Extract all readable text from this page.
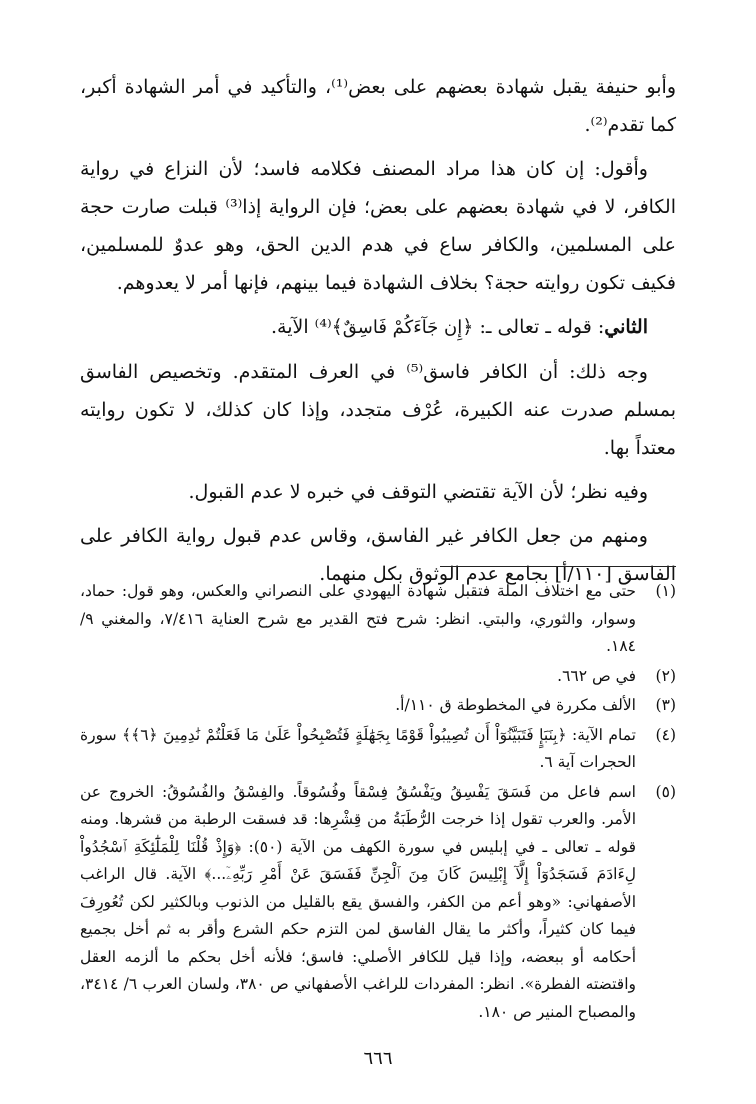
وأبو حنيفة يقبل شهادة بعضهم على بعض⁽¹⁾، والتأكيد في أمر الشهادة أكبر، كما تقدم⁽²⁾.

وأقول: إن كان هذا مراد المصنف فكلامه فاسد؛ لأن النزاع في رواية الكافر، لا في شهادة بعضهم على بعض؛ فإن الرواية إذا⁽³⁾ قبلت صارت حجة على المسلمين، والكافر ساع في هدم الدين الحق، وهو عدوٌ للمسلمين، فكيف تكون روايته حجة؟ بخلاف الشهادة فيما بينهم، فإنها أمر لا يعدوهم.

الثاني: قوله ـ تعالى ـ: ﴿إِن جَآءَكُمْ فَاسِقٌ﴾⁽⁴⁾ الآية.

وجه ذلك: أن الكافر فاسق⁽⁵⁾ في العرف المتقدم. وتخصيص الفاسق بمسلم صدرت عنه الكبيرة، عُرْف متجدد، وإذا كان كذلك، لا تكون روايته معتداً بها.

وفيه نظر؛ لأن الآية تقتضي التوقف في خبره لا عدم القبول.

ومنهم من جعل الكافر غير الفاسق، وقاس عدم قبول رواية الكافر على الفاسق [١١٠/أ] بجامع عدم الوثوق بكل منهما.

(١)
حتى مع اختلاف الملة فتقبل شهادة اليهودي على النصراني والعكس، وهو قول: حماد، وسوار، والثوري، والبتي. انظر: شرح فتح القدير مع شرح العناية ٧/٤١٦، والمغني ٩/ ١٨٤.
(٢)
في ص ٦٦٢.
(٣)
الألف مكررة في المخطوطة ق ١١٠/أ.
(٤)
تمام الآية: ﴿بِنَبَإٍ فَتَبَيَّنُوٓاْ أَن تُصِيبُواْ قَوْمًا بِجَهَٰلَةٍ فَتُصْبِحُواْ عَلَىٰ مَا فَعَلْتُمْ نَٰدِمِينَ ﴿٦﴾﴾ سورة الحجرات آية ٦.
(٥)
اسم فاعل من فَسَقَ يَفْسِقُ ويَفْسُقُ فِسْقاً وفُسُوقاً. والفِسْقُ والفُسُوقُ: الخروج عن الأمر. والعرب تقول إذا خرجت الرُّطَبَةُ من قِشْرِها: قد فسقت الرطبة من قشرها. ومنه قوله ـ تعالى ـ في إبليس في سورة الكهف من الآية (٥٠): ﴿وَإِذْ قُلْنَا لِلْمَلَٰٓئِكَةِ ٱسْجُدُواْ لِءَادَمَ فَسَجَدُوٓاْ إِلَّآ إِبْلِيسَ كَانَ مِنَ ٱلْجِنِّ فَفَسَقَ عَنْ أَمْرِ رَبِّهِۦٓ...﴾ الآية. قال الراغب الأصفهاني: «وهو أعم من الكفر، والفسق يقع بالقليل من الذنوب وبالكثير لكن تُعُورِفَ فيما كان كثيراً، وأكثر ما يقال الفاسق لمن التزم حكم الشرع وأقر به ثم أخل بجميع أحكامه أو ببعضه، وإذا قيل للكافر الأصلي: فاسق؛ فلأنه أخل بحكم ما ألزمه العقل واقتضته الفطرة». انظر: المفردات للراغب الأصفهاني ص ٣٨٠، ولسان العرب ٦/ ٣٤١٤، والمصباح المنير ص ١٨٠.
٦٦٦
